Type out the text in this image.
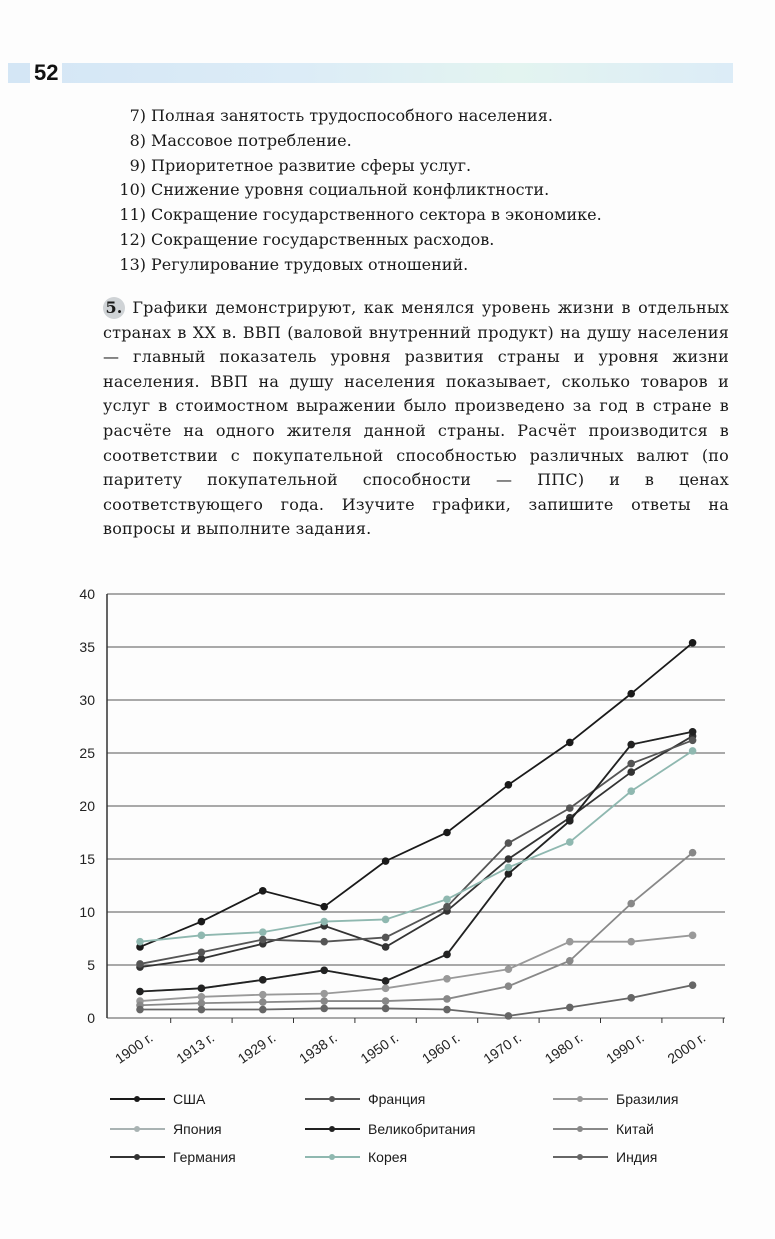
52
7) Полная занятость трудоспособного населения.
8) Массовое потребление.
9) Приоритетное развитие сферы услуг.
10) Снижение уровня социальной конфликтности.
11) Сокращение государственного сектора в экономике.
12) Сокращение государственных расходов.
13) Регулирование трудовых отношений.
5. Графики демонстрируют, как менялся уровень жизни в отдельных странах в XX в. ВВП (валовой внутренний продукт) на душу населения — главный показатель уровня развития страны и уровня жизни населения. ВВП на душу населения показывает, сколько товаров и услуг в стоимостном выражении было произведено за год в стране в расчёте на одного жителя данной страны. Расчёт производится в соответствии с покупательной способностью различных валют (по паритету покупательной способности — ППС) и в ценах соответствующего года. Изучите графики, запишите ответы на вопросы и выполните задания.
0
5
10
15
20
25
30
35
40
1900 г. 1913 г. 1929 г. 1938 г. 1950 г. 1960 г. 1970 г. 1980 г. 1990 г. 2000 г.
США	Франция	Бразилия
Япония	Великобритания	Китай
Германия	Корея	Индия
